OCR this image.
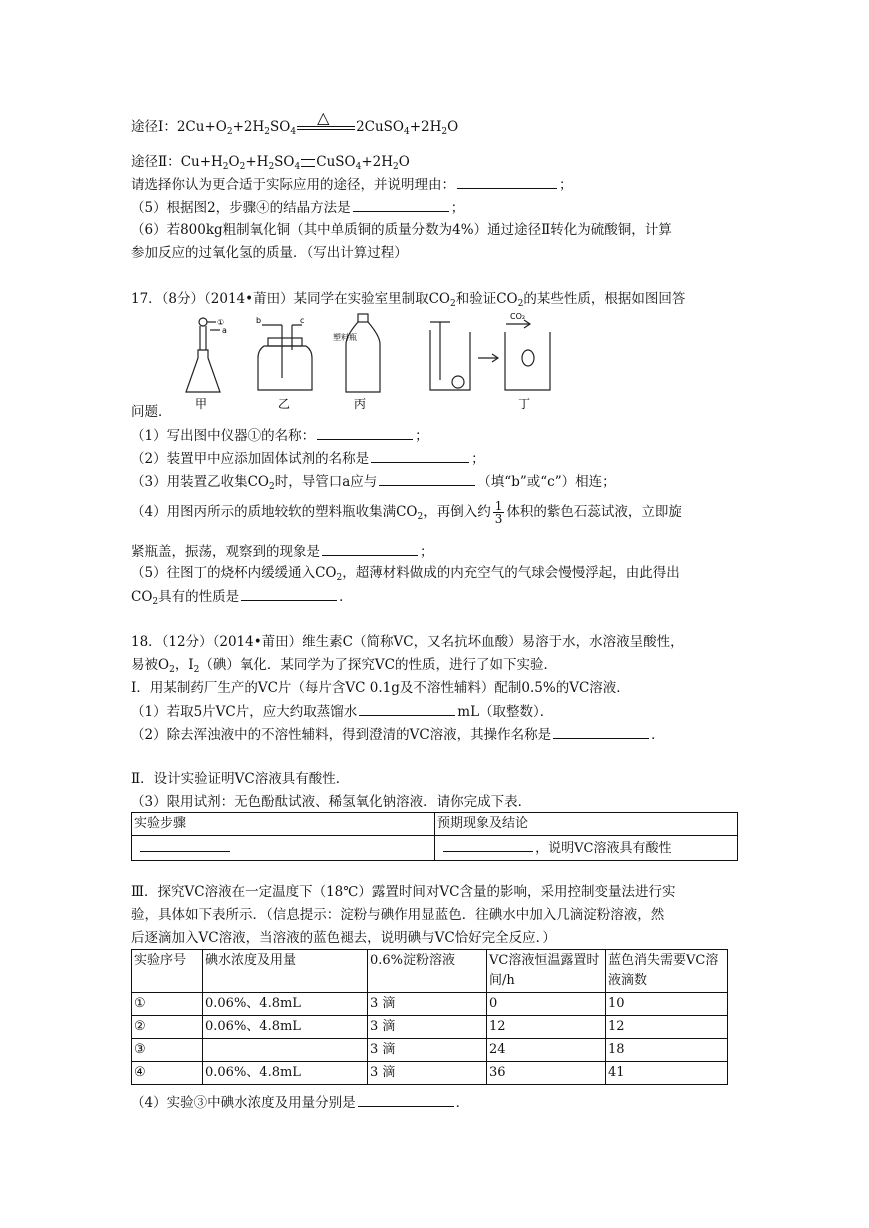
途径Ⅰ：$2Cu+O_2+2H_2SO_4$
△
$2CuSO_4+2H_2O$
途径Ⅱ：$Cu+H_2O_2+H_2SO_4$ $CuSO_4+2H_2O$
请选择你认为更合适于实际应用的途径，并说明理由：	；
（5）根据图2，步骤④的结晶方法是	；
（6）若800kg粗制氧化铜（其中单质铜的质量分数为4%）通过途径Ⅱ转化为硫酸铜，计算
参加反应的过氧化氢的质量．（写出计算过程）
17．（8分）（2014•莆田）某同学在实验室里制取$CO_2$和验证$CO_2$的某些性质，根据如图回答
①
a
甲
b	c
乙
塑料瓶
丙
CO₂
丁
问题．
（1）写出图中仪器①的名称：	；
（2）装置甲中应添加固体试剂的名称是	；
（3）用装置乙收集$CO_2$时，导管口a应与	（填“b”或“c”）相连；
（4）用图丙所示的质地较软的塑料瓶收集满$CO_2$，再倒入约 $\frac{1}{3}$ 体积的紫色石蕊试液，立即旋
紧瓶盖，振荡，观察到的现象是	；
（5）往图丁的烧杯内缓缓通入$CO_2$，超薄材料做成的内充空气的气球会慢慢浮起，由此得出
$CO_2$具有的性质是	．
18．（12分）（2014•莆田）维生素C（简称VC，又名抗坏血酸）易溶于水，水溶液呈酸性，
易被$O_2$，$I_2$（碘）氧化．某同学为了探究VC的性质，进行了如下实验．
Ⅰ．用某制药厂生产的VC片（每片含VC 0.1g及不溶性辅料）配制0.5%的VC溶液．
（1）若取5片VC片，应大约取蒸馏水	mL（取整数）．
（2）除去浑浊液中的不溶性辅料，得到澄清的VC溶液，其操作名称是	．
Ⅱ．设计实验证明VC溶液具有酸性．
（3）限用试剂：无色酚酞试液、稀氢氧化钠溶液．请你完成下表．
实验步骤	预期现象及结论
	，说明VC溶液具有酸性
Ⅲ．探究VC溶液在一定温度下（18℃）露置时间对VC含量的影响，采用控制变量法进行实
验，具体如下表所示．（信息提示：淀粉与碘作用显蓝色．往碘水中加入几滴淀粉溶液，然
后逐滴加入VC溶液，当溶液的蓝色褪去，说明碘与VC恰好完全反应．）
实验序号	碘水浓度及用量	0.6%淀粉溶液	VC溶液恒温露置时间/h	蓝色消失需要VC溶液滴数
①	0.06%、4.8mL	3 滴	0	10
②	0.06%、4.8mL	3 滴	12	12
③		3 滴	24	18
④	0.06%、4.8mL	3 滴	36	41
（4）实验③中碘水浓度及用量分别是	．
